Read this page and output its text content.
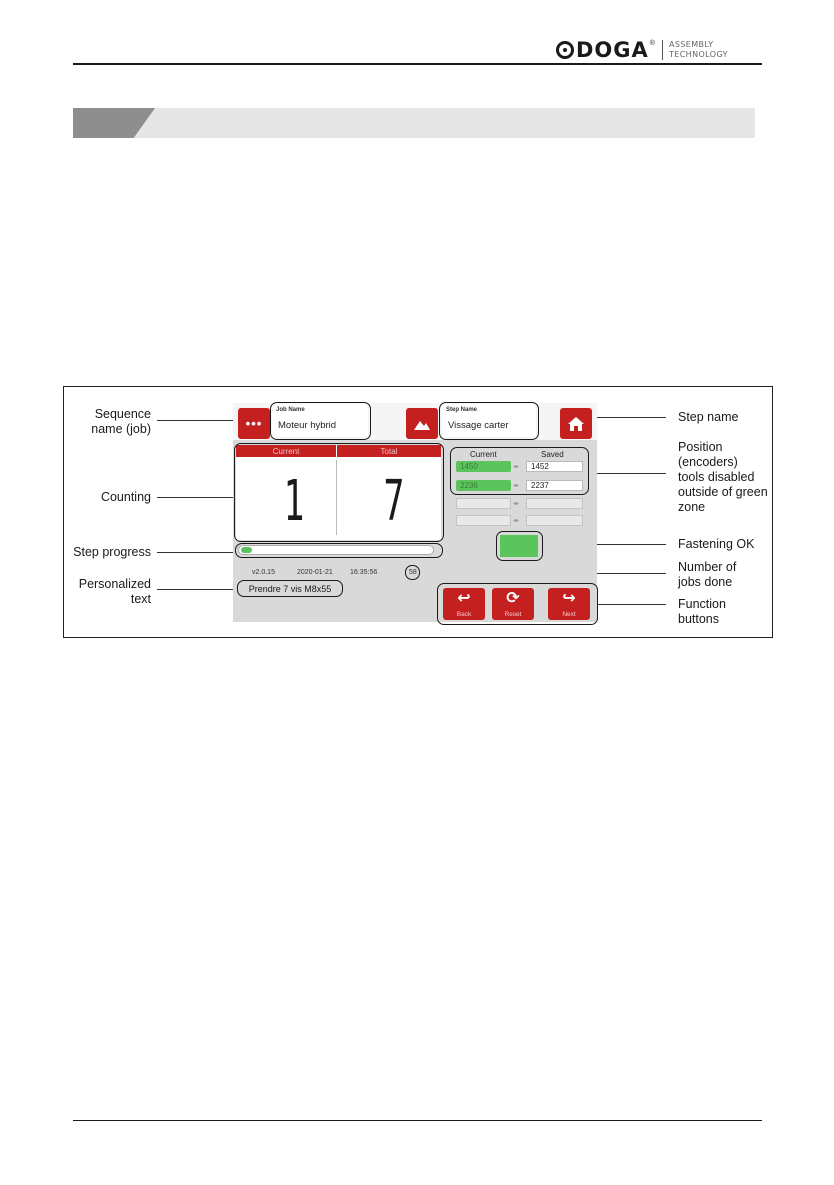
DOGA ® ASSEMBLY
TECHNOLOGY
Sequence
name (job)
Counting
Step progress
Personalized
text
Step name
Position
(encoders)
tools disabled
outside of green
zone
Fastening OK
Number of
jobs done
Function
buttons
•••
Job Name
Moteur hybrid
Step Name
Vissage carter
Current	Total
1 7
v2.0.15	2020-01-21 16:35:56	58
Prendre 7 vis M8x55
Current	Saved
1450	◂▸	1452
2236	◂▸	2237
◂▸
◂▸
↩
Back
⟳
Reset
↪
Next
